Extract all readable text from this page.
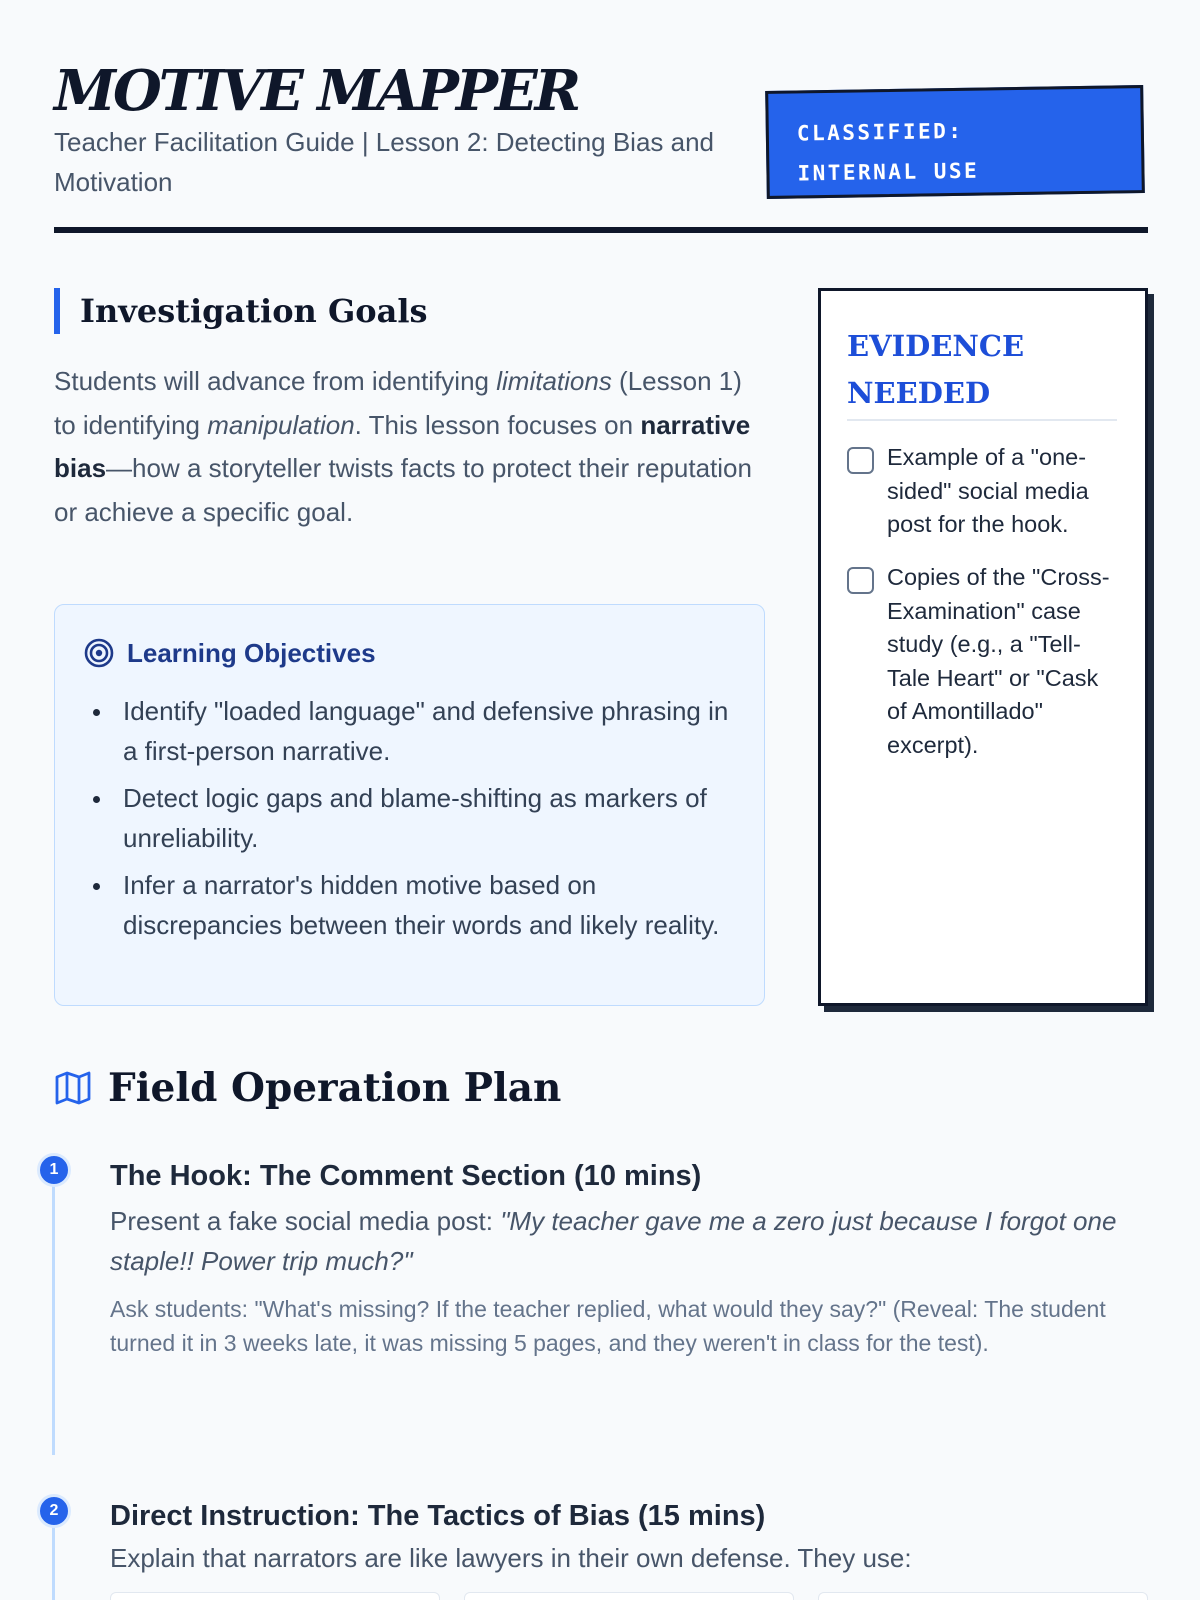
MOTIVE MAPPER
Teacher Facilitation Guide | Lesson 2: Detecting Bias and Motivation
CLASSIFIED:
INTERNAL USE
Investigation Goals

Students will advance from identifying limitations (Lesson 1) to identifying manipulation. This lesson focuses on narrative bias—how a storyteller twists facts to protect their reputation or achieve a specific goal.

Learning Objectives
Identify "loaded language" and defensive phrasing in a first-person narrative.
Detect logic gaps and blame-shifting as markers of unreliability.
Infer a narrator's hidden motive based on discrepancies between their words and likely reality.
EVIDENCE NEEDED
Example of a "one-sided" social media post for the hook.
Copies of the "Cross-Examination" case study (e.g., a "Tell-Tale Heart" or "Cask of Amontillado" excerpt).
Field Operation Plan
1	The Hook: The Comment Section (10 mins)
Present a fake social media post: "My teacher gave me a zero just because I forgot one staple!! Power trip much?"
Ask students: "What's missing? If the teacher replied, what would they say?" (Reveal: The student turned it in 3 weeks late, it was missing 5 pages, and they weren't in class for the test).
2	Direct Instruction: The Tactics of Bias (15 mins)
Explain that narrators are like lawyers in their own defense. They use:
